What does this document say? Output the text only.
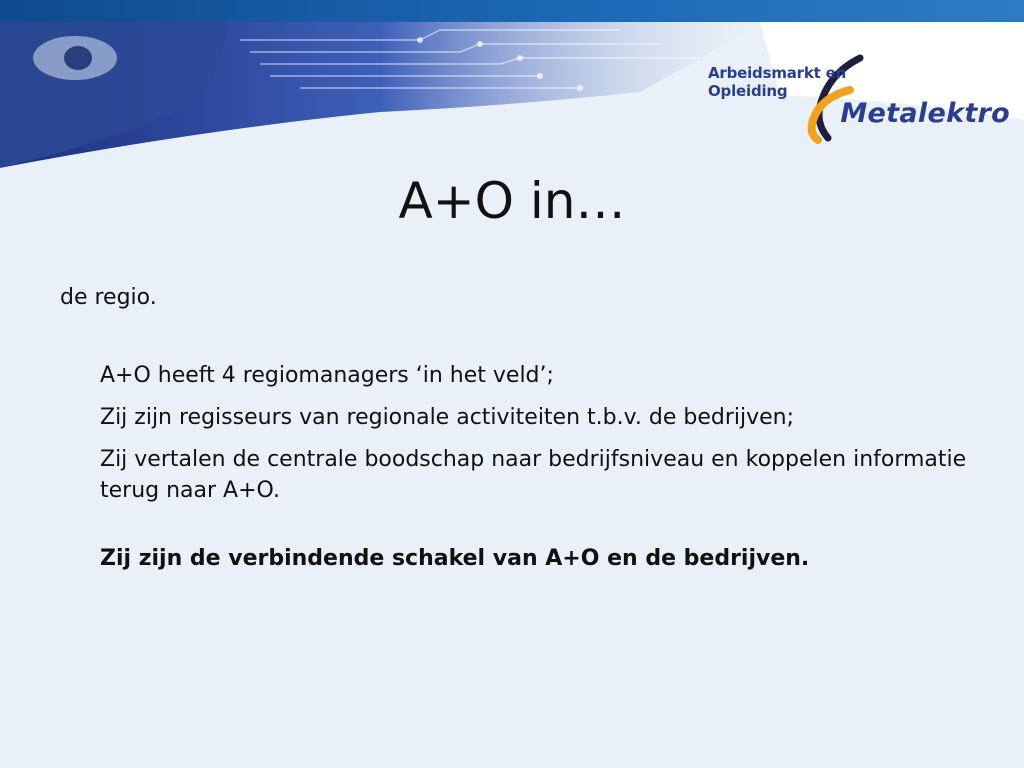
Arbeidsmarkt en Opleiding
Metalektro
A+O in…

de regio.

A+O heeft 4 regiomanagers ‘in het veld’;
Zij zijn regisseurs van regionale activiteiten t.b.v. de bedrijven;
Zij vertalen de centrale boodschap naar bedrijfsniveau en koppelen informatie terug naar A+O.

Zij zijn de verbindende schakel van A+O en de bedrijven.
